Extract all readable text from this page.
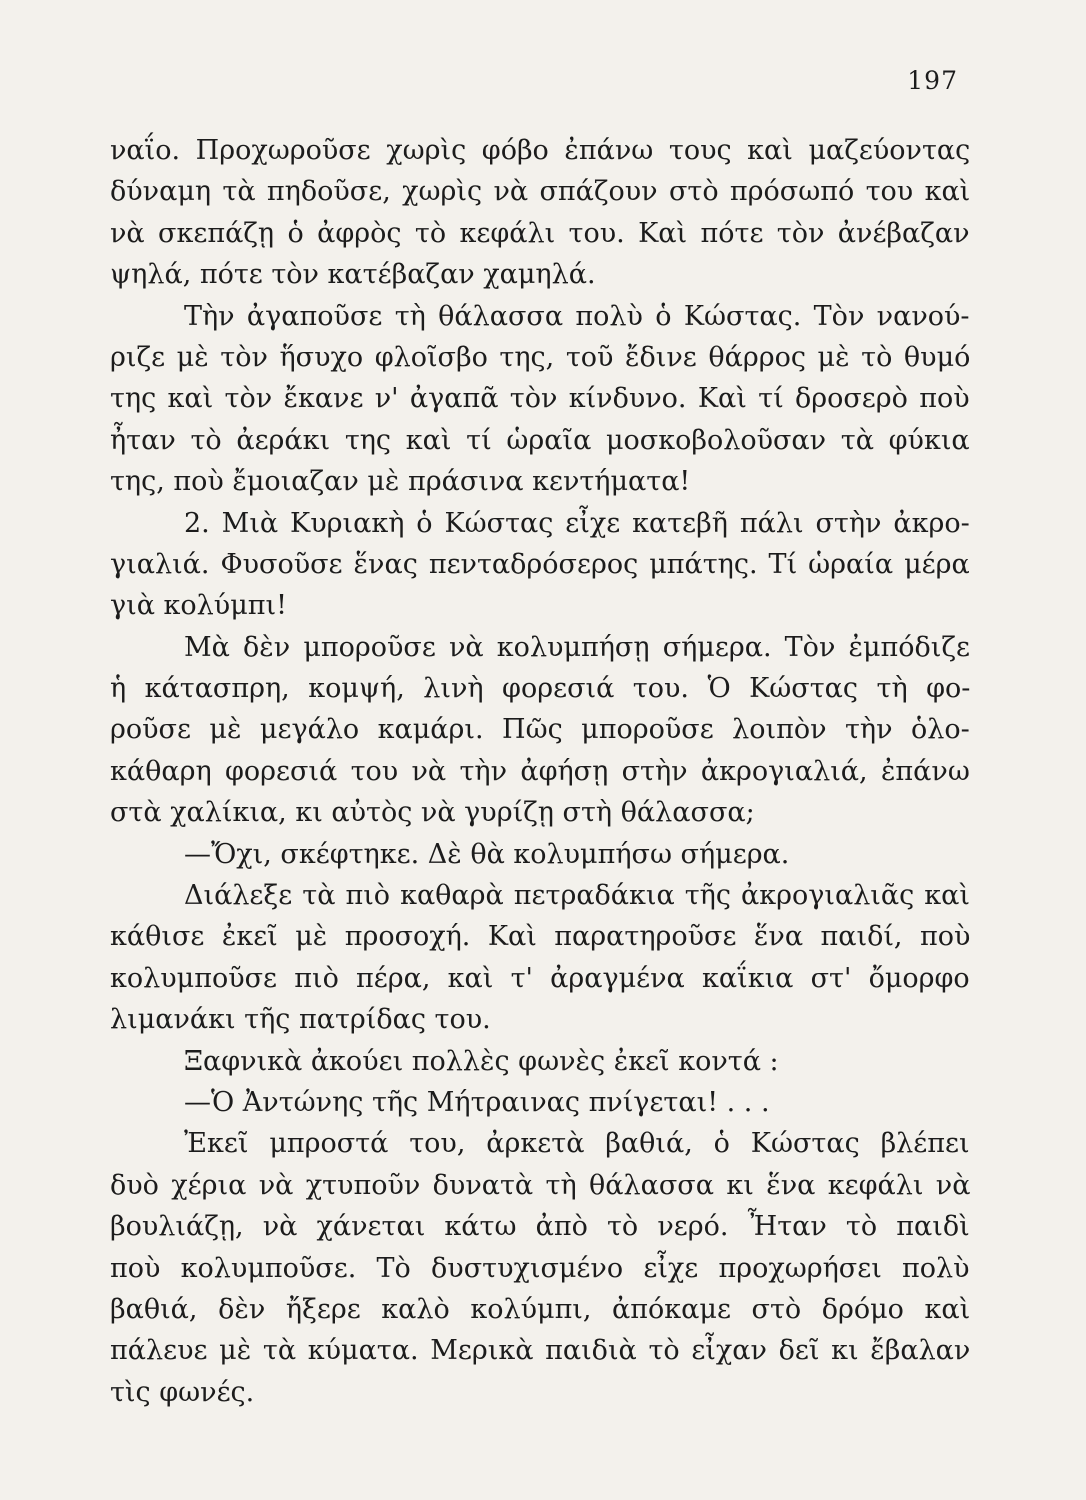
197
ναΐο. Προχωροῦσε χωρὶς φόβο ἐπάνω τους καὶ μαζεύοντας
δύναμη τὰ πηδοῦσε, χωρὶς νὰ σπάζουν στὸ πρόσωπό του καὶ
νὰ σκεπάζῃ ὁ ἀφρὸς τὸ κεφάλι του. Καὶ πότε τὸν ἀνέβαζαν
ψηλά, πότε τὸν κατέβαζαν χαμηλά.
Τὴν ἀγαποῦσε τὴ θάλασσα πολὺ ὁ Κώστας. Τὸν νανού-
ριζε μὲ τὸν ἥσυχο φλοῖσβο της, τοῦ ἔδινε θάρρος μὲ τὸ θυμό
της καὶ τὸν ἔκανε ν' ἀγαπᾶ τὸν κίνδυνο. Καὶ τί δροσερὸ ποὺ
ἦταν τὸ ἀεράκι της καὶ τί ὡραῖα μοσκοβολοῦσαν τὰ φύκια
της, ποὺ ἔμοιαζαν μὲ πράσινα κεντήματα!
2. Μιὰ Κυριακὴ ὁ Κώστας εἶχε κατεβῆ πάλι στὴν ἀκρο-
γιαλιά. Φυσοῦσε ἕνας πενταδρόσερος μπάτης. Τί ὡραία μέρα
γιὰ κολύμπι!
Μὰ δὲν μποροῦσε νὰ κολυμπήσῃ σήμερα. Τὸν ἐμπόδιζε
ἡ κάτασπρη, κομψή, λινὴ φορεσιά του. Ὁ Κώστας τὴ φο-
ροῦσε μὲ μεγάλο καμάρι. Πῶς μποροῦσε λοιπὸν τὴν ὁλο-
κάθαρη φορεσιά του νὰ τὴν ἀφήσῃ στὴν ἀκρογιαλιά, ἐπάνω
στὰ χαλίκια, κι αὐτὸς νὰ γυρίζῃ στὴ θάλασσα;
—Ὄχι, σκέφτηκε. Δὲ θὰ κολυμπήσω σήμερα.
Διάλεξε τὰ πιὸ καθαρὰ πετραδάκια τῆς ἀκρογιαλιᾶς καὶ
κάθισε ἐκεῖ μὲ προσοχή. Καὶ παρατηροῦσε ἕνα παιδί, ποὺ
κολυμποῦσε πιὸ πέρα, καὶ τ' ἀραγμένα καΐκια στ' ὄμορφο
λιμανάκι τῆς πατρίδας του.
Ξαφνικὰ ἀκούει πολλὲς φωνὲς ἐκεῖ κοντά :
—Ὁ Ἀντώνης τῆς Μήτραινας πνίγεται! . . .
Ἐκεῖ μπροστά του, ἀρκετὰ βαθιά, ὁ Κώστας βλέπει
δυὸ χέρια νὰ χτυποῦν δυνατὰ τὴ θάλασσα κι ἕνα κεφάλι νὰ
βουλιάζῃ, νὰ χάνεται κάτω ἀπὸ τὸ νερό. Ἦταν τὸ παιδὶ
ποὺ κολυμποῦσε. Τὸ δυστυχισμένο εἶχε προχωρήσει πολὺ
βαθιά, δὲν ἤξερε καλὸ κολύμπι, ἀπόκαμε στὸ δρόμο καὶ
πάλευε μὲ τὰ κύματα. Μερικὰ παιδιὰ τὸ εἶχαν δεῖ κι ἔβαλαν
τὶς φωνές.
